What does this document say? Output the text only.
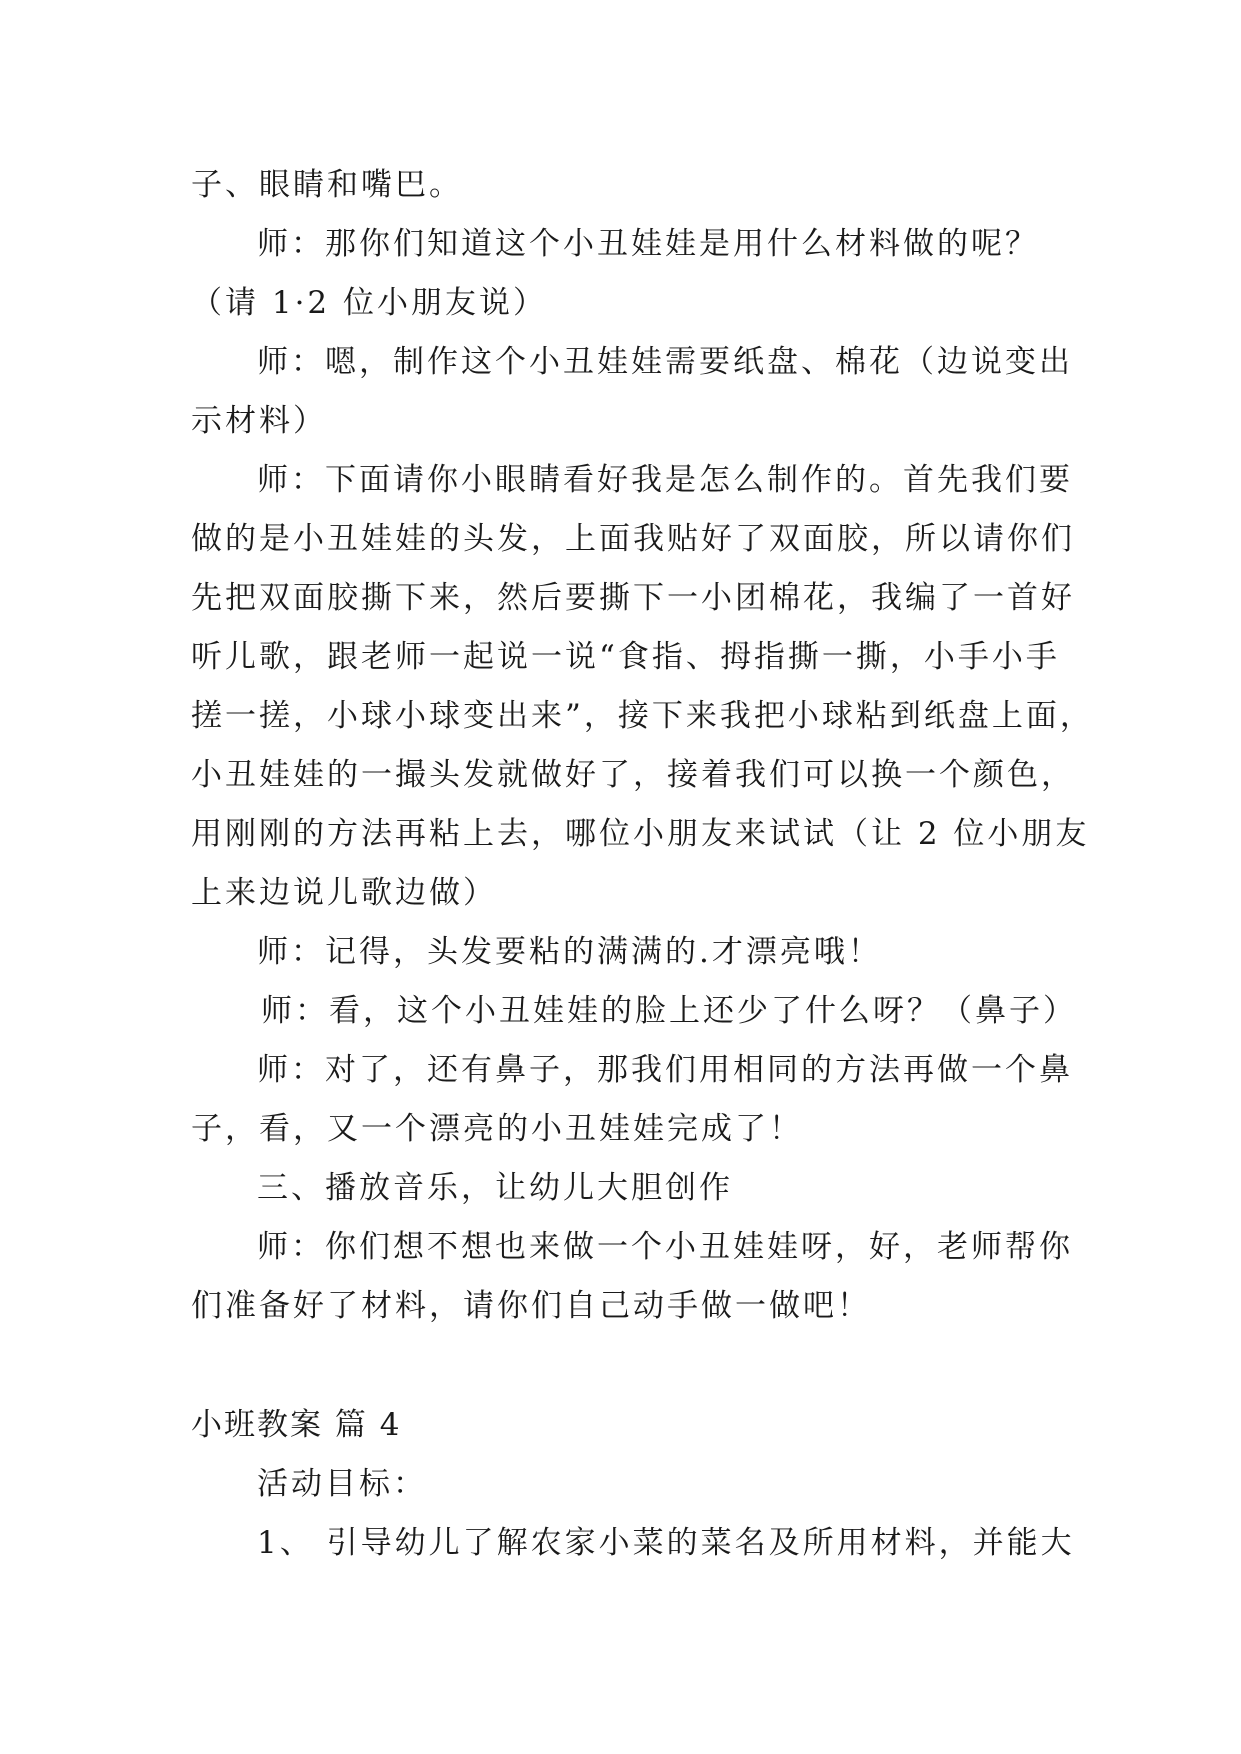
子、眼睛和嘴巴。
师：那你们知道这个小丑娃娃是用什么材料做的呢？
（请 1·2 位小朋友说）
师：嗯，制作这个小丑娃娃需要纸盘、棉花（边说变出
示材料）
师：下面请你小眼睛看好我是怎么制作的。首先我们要
做的是小丑娃娃的头发，上面我贴好了双面胶，所以请你们
先把双面胶撕下来，然后要撕下一小团棉花，我编了一首好
听儿歌，跟老师一起说一说“食指、拇指撕一撕，小手小手
搓一搓，小球小球变出来”，接下来我把小球粘到纸盘上面，
小丑娃娃的一撮头发就做好了，接着我们可以换一个颜色，
用刚刚的方法再粘上去，哪位小朋友来试试（让 2 位小朋友
上来边说儿歌边做）
师：记得，头发要粘的满满的.才漂亮哦！
师：看，这个小丑娃娃的脸上还少了什么呀？（鼻子）
师：对了，还有鼻子，那我们用相同的方法再做一个鼻
子，看，又一个漂亮的小丑娃娃完成了！
三、播放音乐，让幼儿大胆创作
师：你们想不想也来做一个小丑娃娃呀，好，老师帮你
们准备好了材料，请你们自己动手做一做吧！
小班教案 篇 4
活动目标：
1、 引导幼儿了解农家小菜的菜名及所用材料，并能大
